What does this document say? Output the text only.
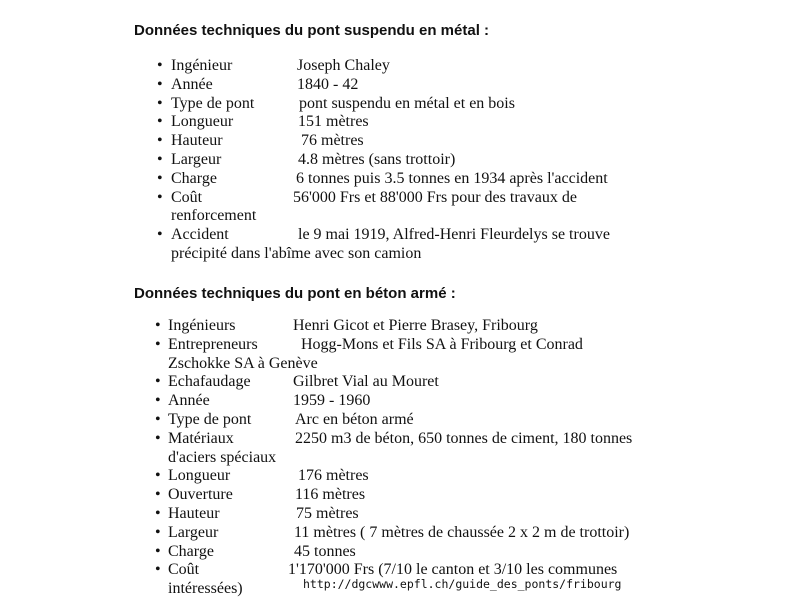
Données techniques du pont suspendu en métal :
• Ingénieur	Joseph Chaley
• Année	1840 - 42
• Type de pont	pont suspendu en métal et en bois
• Longueur	151 mètres
• Hauteur	76 mètres
• Largeur	4.8 mètres (sans trottoir)
• Charge	6 tonnes puis 3.5 tonnes en 1934 après l'accident
• Coût	56'000 Frs et 88'000 Frs pour des travaux de
renforcement
• Accident	le 9 mai 1919, Alfred-Henri Fleurdelys se trouve
précipité dans l'abîme avec son camion
Données techniques du pont en béton armé :
• Ingénieurs	Henri Gicot et Pierre Brasey, Fribourg
• Entrepreneurs	Hogg-Mons et Fils SA à Fribourg et Conrad
Zschokke SA à Genève
• Echafaudage	Gilbret Vial au Mouret
• Année	1959 - 1960
• Type de pont	Arc en béton armé
• Matériaux	2250 m3 de béton, 650 tonnes de ciment, 180 tonnes
d'aciers spéciaux
• Longueur	176 mètres
• Ouverture	116 mètres
• Hauteur	75 mètres
• Largeur	11 mètres ( 7 mètres de chaussée 2 x 2 m de trottoir)
• Charge	45 tonnes
• Coût	1'170'000 Frs (7/10 le canton et 3/10 les communes
intéressées)	http://dgcwww.epfl.ch/guide_des_ponts/fribourg
